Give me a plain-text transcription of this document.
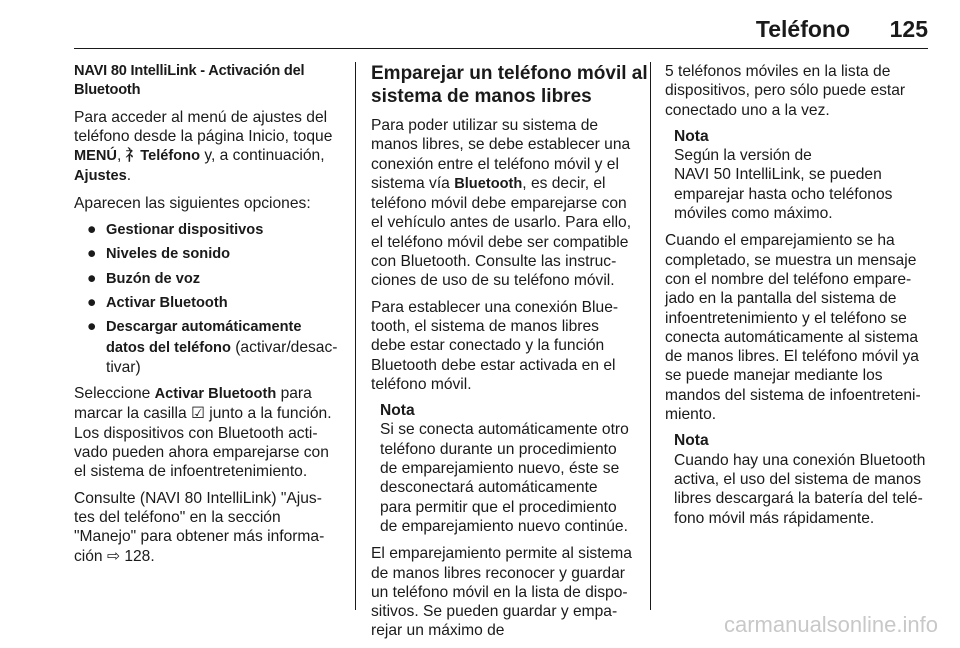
Teléfono 125
NAVI 80 IntelliLink - Activación del
Bluetooth

Para acceder al menú de ajustes del
teléfono desde la página Inicio, toque
MENÚ, ⺭Teléfono y, a continuación,
Ajustes.

Aparecen las siguientes opciones:

● Gestionar dispositivos
● Niveles de sonido
● Buzón de voz
● Activar Bluetooth
● Descargar automáticamente
datos del teléfono (activar/desac-
tivar)

Seleccione Activar Bluetooth para
marcar la casilla ☑ junto a la función.
Los dispositivos con Bluetooth acti-
vado pueden ahora emparejarse con
el sistema de infoentretenimiento.

Consulte (NAVI 80 IntelliLink) "Ajus-
tes del teléfono" en la sección
"Manejo" para obtener más informa-
ción ⇨ 128.

Emparejar un teléfono móvil al
sistema de manos libres

Para poder utilizar su sistema de
manos libres, se debe establecer una
conexión entre el teléfono móvil y el
sistema vía Bluetooth, es decir, el
teléfono móvil debe emparejarse con
el vehículo antes de usarlo. Para ello,
el teléfono móvil debe ser compatible
con Bluetooth. Consulte las instruc-
ciones de uso de su teléfono móvil.

Para establecer una conexión Blue-
tooth, el sistema de manos libres
debe estar conectado y la función
Bluetooth debe estar activada en el
teléfono móvil.

Nota
Si se conecta automáticamente otro
teléfono durante un procedimiento
de emparejamiento nuevo, éste se
desconectará automáticamente
para permitir que el procedimiento
de emparejamiento nuevo continúe.

El emparejamiento permite al sistema
de manos libres reconocer y guardar
un teléfono móvil en la lista de dispo-
sitivos. Se pueden guardar y empa-
rejar un máximo de

5 teléfonos móviles en la lista de
dispositivos, pero sólo puede estar
conectado uno a la vez.

Nota
Según la versión de
NAVI 50 IntelliLink, se pueden
emparejar hasta ocho teléfonos
móviles como máximo.

Cuando el emparejamiento se ha
completado, se muestra un mensaje
con el nombre del teléfono empare-
jado en la pantalla del sistema de
infoentretenimiento y el teléfono se
conecta automáticamente al sistema
de manos libres. El teléfono móvil ya
se puede manejar mediante los
mandos del sistema de infoentreteni-
miento.

Nota
Cuando hay una conexión Bluetooth
activa, el uso del sistema de manos
libres descargará la batería del telé-
fono móvil más rápidamente.
carmanualsonline.info
